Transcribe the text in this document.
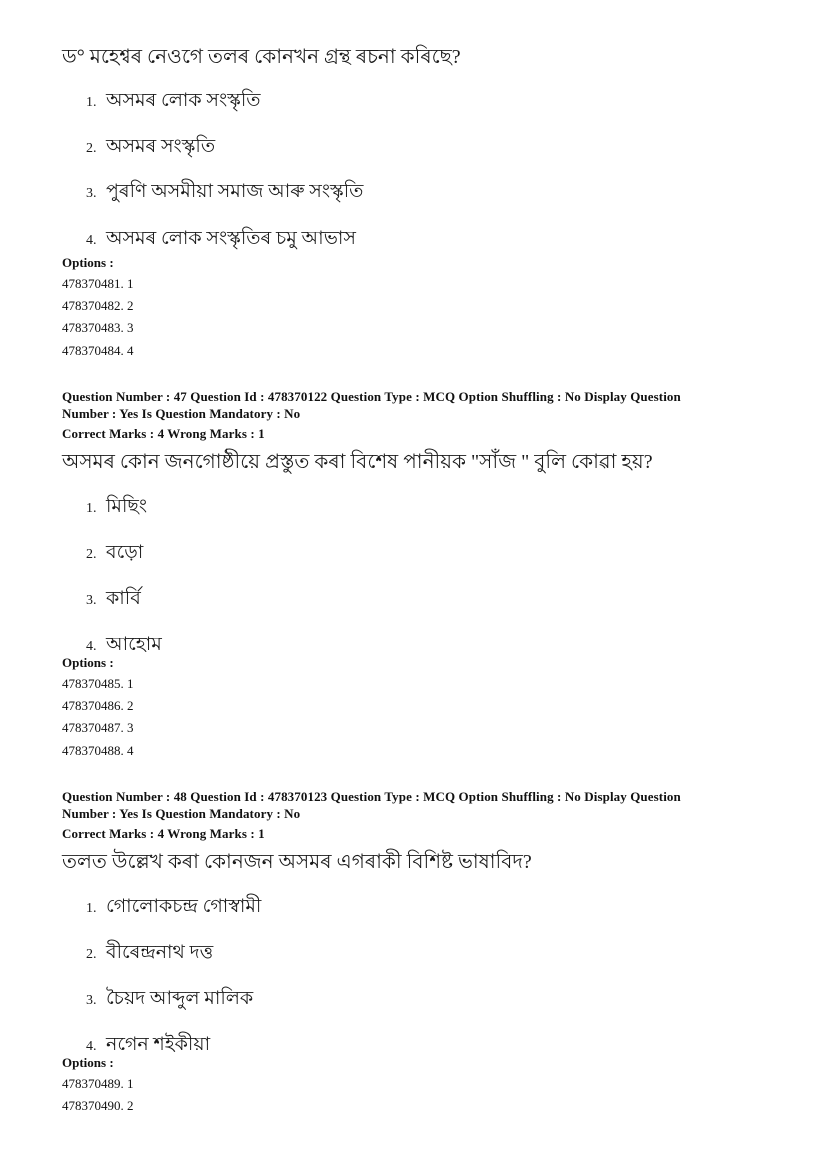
ড° মহেশ্বৰ নেওগে তলৰ কোনখন গ্ৰন্থ ৰচনা কৰিছে?
1. অসমৰ লোক সংস্কৃতি
2. অসমৰ সংস্কৃতি
3. পুৰণি অসমীয়া সমাজ আৰু সংস্কৃতি
4. অসমৰ লোক সংস্কৃতিৰ চমু আভাস
Options :
478370481. 1
478370482. 2
478370483. 3
478370484. 4
Question Number : 47 Question Id : 478370122 Question Type : MCQ Option Shuffling : No Display Question
Number : Yes Is Question Mandatory : No
Correct Marks : 4 Wrong Marks : 1
অসমৰ কোন জনগোষ্ঠীয়ে প্ৰস্তুত কৰা বিশেষ পানীয়ক "সাঁজ " বুলি কোৱা হয়?
1. মিছিং
2. বড়ো
3. কাৰ্বি
4. আহোম
Options :
478370485. 1
478370486. 2
478370487. 3
478370488. 4
Question Number : 48 Question Id : 478370123 Question Type : MCQ Option Shuffling : No Display Question
Number : Yes Is Question Mandatory : No
Correct Marks : 4 Wrong Marks : 1
তলত উল্লেখ কৰা কোনজন অসমৰ এগৰাকী বিশিষ্ট ভাষাবিদ?
1. গোলোকচন্দ্ৰ গোস্বামী
2. বীৰেন্দ্ৰনাথ দত্ত
3. চৈয়দ আব্দুল মালিক
4. নগেন শইকীয়া
Options :
478370489. 1
478370490. 2
